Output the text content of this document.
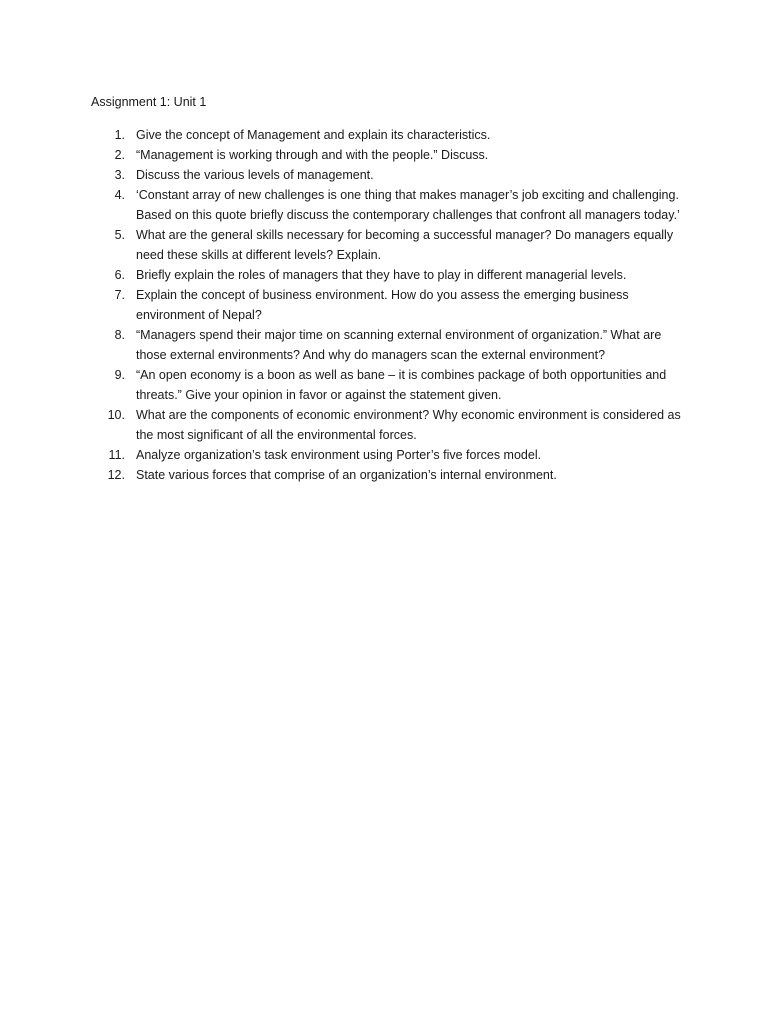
Assignment 1: Unit 1
1. Give the concept of Management and explain its characteristics.
2. “Management is working through and with the people.” Discuss.
3. Discuss the various levels of management.
4. ‘Constant array of new challenges is one thing that makes manager’s job exciting and challenging. Based on this quote briefly discuss the contemporary challenges that confront all managers today.’
5. What are the general skills necessary for becoming a successful manager? Do managers equally need these skills at different levels? Explain.
6. Briefly explain the roles of managers that they have to play in different managerial levels.
7. Explain the concept of business environment. How do you assess the emerging business environment of Nepal?
8. “Managers spend their major time on scanning external environment of organization.” What are those external environments? And why do managers scan the external environment?
9. “An open economy is a boon as well as bane – it is combines package of both opportunities and threats.” Give your opinion in favor or against the statement given.
10. What are the components of economic environment? Why economic environment is considered as the most significant of all the environmental forces.
11. Analyze organization’s task environment using Porter’s five forces model.
12. State various forces that comprise of an organization’s internal environment.
